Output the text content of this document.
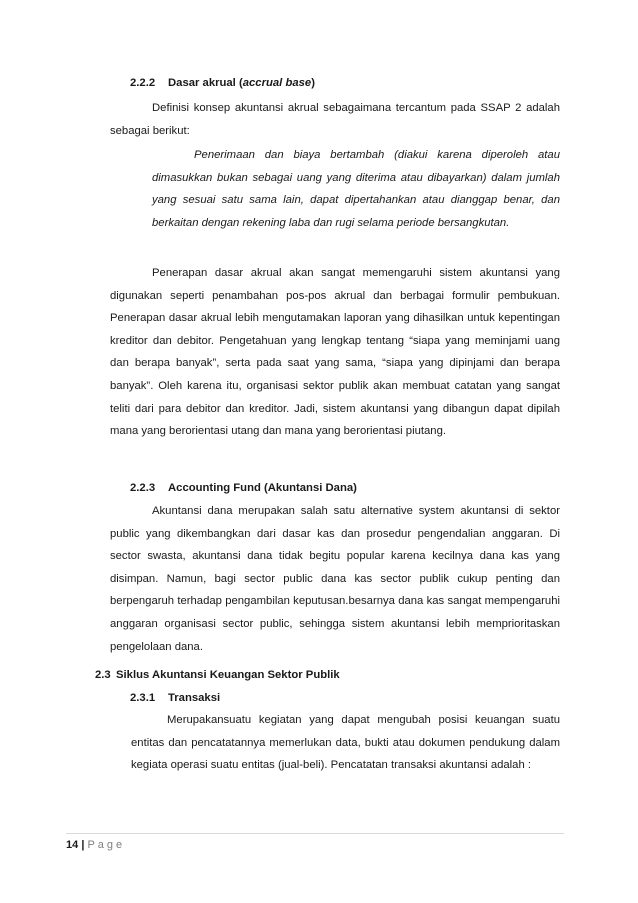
2.2.2 Dasar akrual (accrual base)
Definisi konsep akuntansi akrual sebagaimana tercantum pada SSAP 2 adalah sebagai berikut:
Penerimaan dan biaya bertambah (diakui karena diperoleh atau dimasukkan bukan sebagai uang yang diterima atau dibayarkan) dalam jumlah yang sesuai satu sama lain, dapat dipertahankan atau dianggap benar, dan berkaitan dengan rekening laba dan rugi selama periode bersangkutan.
Penerapan dasar akrual akan sangat memengaruhi sistem akuntansi yang digunakan seperti penambahan pos-pos akrual dan berbagai formulir pembukuan. Penerapan dasar akrual lebih mengutamakan laporan yang dihasilkan untuk kepentingan kreditor dan debitor. Pengetahuan yang lengkap tentang “siapa yang meminjami uang dan berapa banyak”, serta pada saat yang sama, “siapa yang dipinjami dan berapa banyak”. Oleh karena itu, organisasi sektor publik akan membuat catatan yang sangat teliti dari para debitor dan kreditor. Jadi, sistem akuntansi yang dibangun dapat dipilah mana yang berorientasi utang dan mana yang berorientasi piutang.
2.2.3 Accounting Fund (Akuntansi Dana)
Akuntansi dana merupakan salah satu alternative system akuntansi di sektor public yang dikembangkan dari dasar kas dan prosedur pengendalian anggaran. Di sector swasta, akuntansi dana tidak begitu popular karena kecilnya dana kas yang disimpan. Namun, bagi sector public dana kas sector publik cukup penting dan berpengaruh terhadap pengambilan keputusan.besarnya dana kas sangat mempengaruhi anggaran organisasi sector public, sehingga sistem akuntansi lebih memprioritaskan pengelolaan dana.
2.3 Siklus Akuntansi Keuangan Sektor Publik
2.3.1 Transaksi
Merupakansuatu kegiatan yang dapat mengubah posisi keuangan suatu entitas dan pencatatannya memerlukan data, bukti atau dokumen pendukung dalam kegiata operasi suatu entitas (jual-beli). Pencatatan transaksi akuntansi adalah :
14 | Page
